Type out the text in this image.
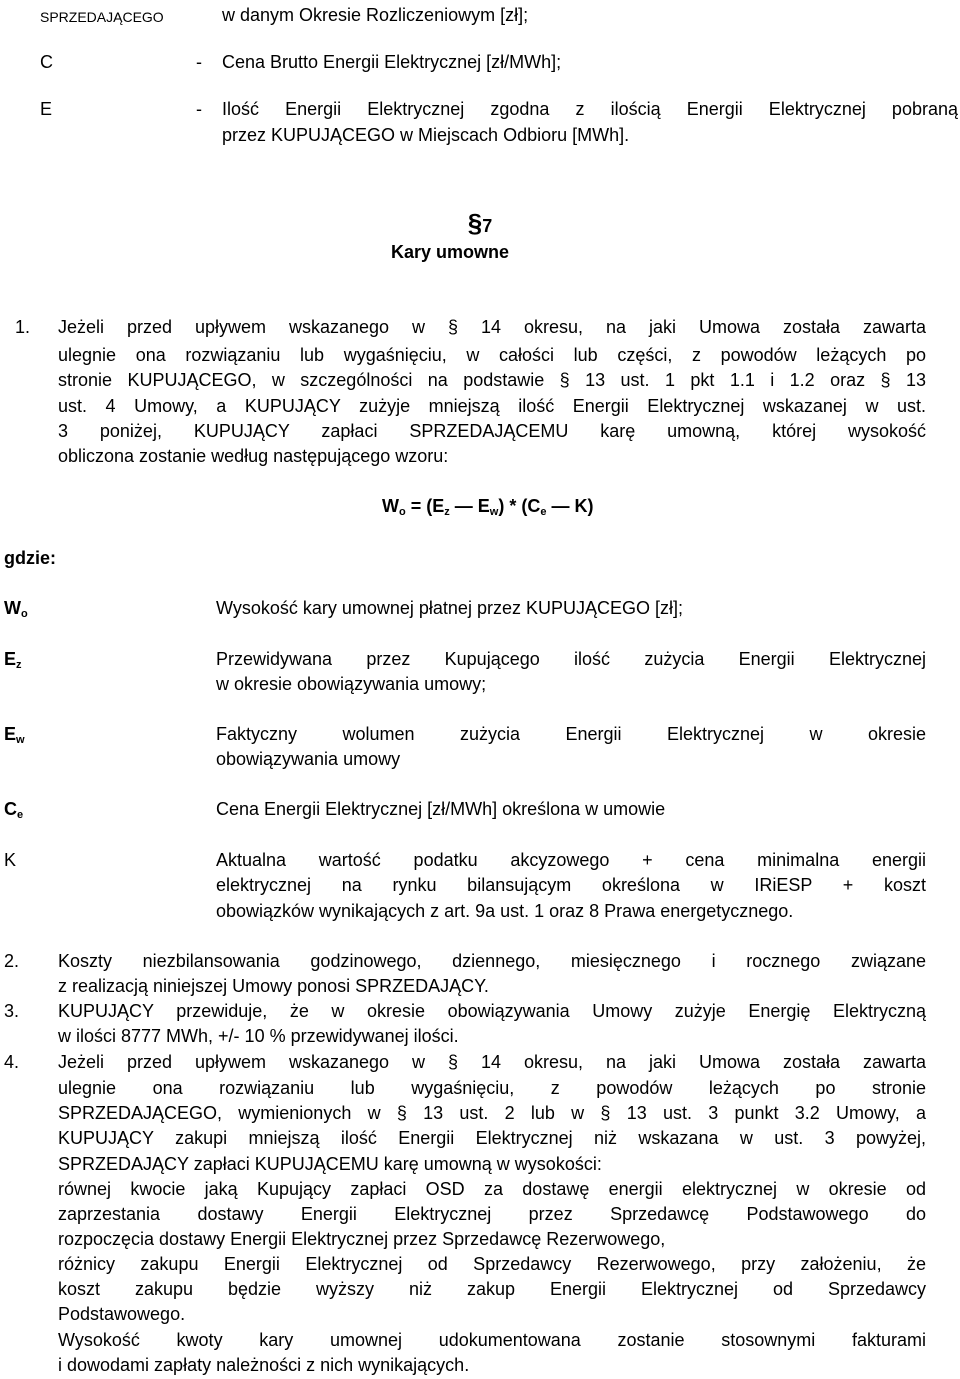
SPRZEDAJĄCEGO	w danym Okresie Rozliczeniowym [zł];
C	- Cena Brutto Energii Elektrycznej [zł/MWh];
E	- Ilość Energii Elektrycznej zgodna z ilością Energii Elektrycznej pobraną
przez KUPUJĄCEGO w Miejscach Odbioru [MWh].
§7
Kary umowne
1. Jeżeli przed upływem wskazanego w § 14 okresu, na jaki Umowa została zawarta
ulegnie ona rozwiązaniu lub wygaśnięciu, w całości lub części, z powodów leżących po
stronie KUPUJĄCEGO, w szczególności na podstawie § 13 ust. 1 pkt 1.1 i 1.2 oraz § 13
ust. 4 Umowy, a KUPUJĄCY zużyje mniejszą ilość Energii Elektrycznej wskazanej w ust.
3 poniżej, KUPUJĄCY zapłaci SPRZEDAJĄCEMU karę umowną, której wysokość
obliczona zostanie według następującego wzoru:
$W_o = (E_z$ — $E_w) * (C_e$ — K)
gdzie:
$W_o$	Wysokość kary umownej płatnej przez KUPUJĄCEGO [zł];
$E_z$	Przewidywana przez Kupującego ilość zużycia Energii Elektrycznej
w okresie obowiązywania umowy;
$E_w$	Faktyczny wolumen zużycia Energii Elektrycznej w okresie
obowiązywania umowy
$C_e$	Cena Energii Elektrycznej [zł/MWh] określona w umowie
K	Aktualna wartość podatku akcyzowego + cena minimalna energii
elektrycznej na rynku bilansującym określona w IRiESP + koszt
obowiązków wynikających z art. 9a ust. 1 oraz 8 Prawa energetycznego.
2. Koszty niezbilansowania godzinowego, dziennego, miesięcznego i rocznego związane
z realizacją niniejszej Umowy ponosi SPRZEDAJĄCY.
3. KUPUJĄCY przewiduje, że w okresie obowiązywania Umowy zużyje Energię Elektryczną
w ilości 8777 MWh, +/- 10 % przewidywanej ilości.
4. Jeżeli przed upływem wskazanego w § 14 okresu, na jaki Umowa została zawarta
ulegnie ona rozwiązaniu lub wygaśnięciu, z powodów leżących po stronie
SPRZEDAJĄCEGO, wymienionych w § 13 ust. 2 lub w § 13 ust. 3 punkt 3.2 Umowy, a
KUPUJĄCY zakupi mniejszą ilość Energii Elektrycznej niż wskazana w ust. 3 powyżej,
SPRZEDAJĄCY zapłaci KUPUJĄCEMU karę umowną w wysokości:
równej kwocie jaką Kupujący zapłaci OSD za dostawę energii elektrycznej w okresie od
zaprzestania dostawy Energii Elektrycznej przez Sprzedawcę Podstawowego do
rozpoczęcia dostawy Energii Elektrycznej przez Sprzedawcę Rezerwowego,
różnicy zakupu Energii Elektrycznej od Sprzedawcy Rezerwowego, przy założeniu, że
koszt zakupu będzie wyższy niż zakup Energii Elektrycznej od Sprzedawcy
Podstawowego.
Wysokość kwoty kary umownej udokumentowana zostanie stosownymi fakturami
i dowodami zapłaty należności z nich wynikających.
